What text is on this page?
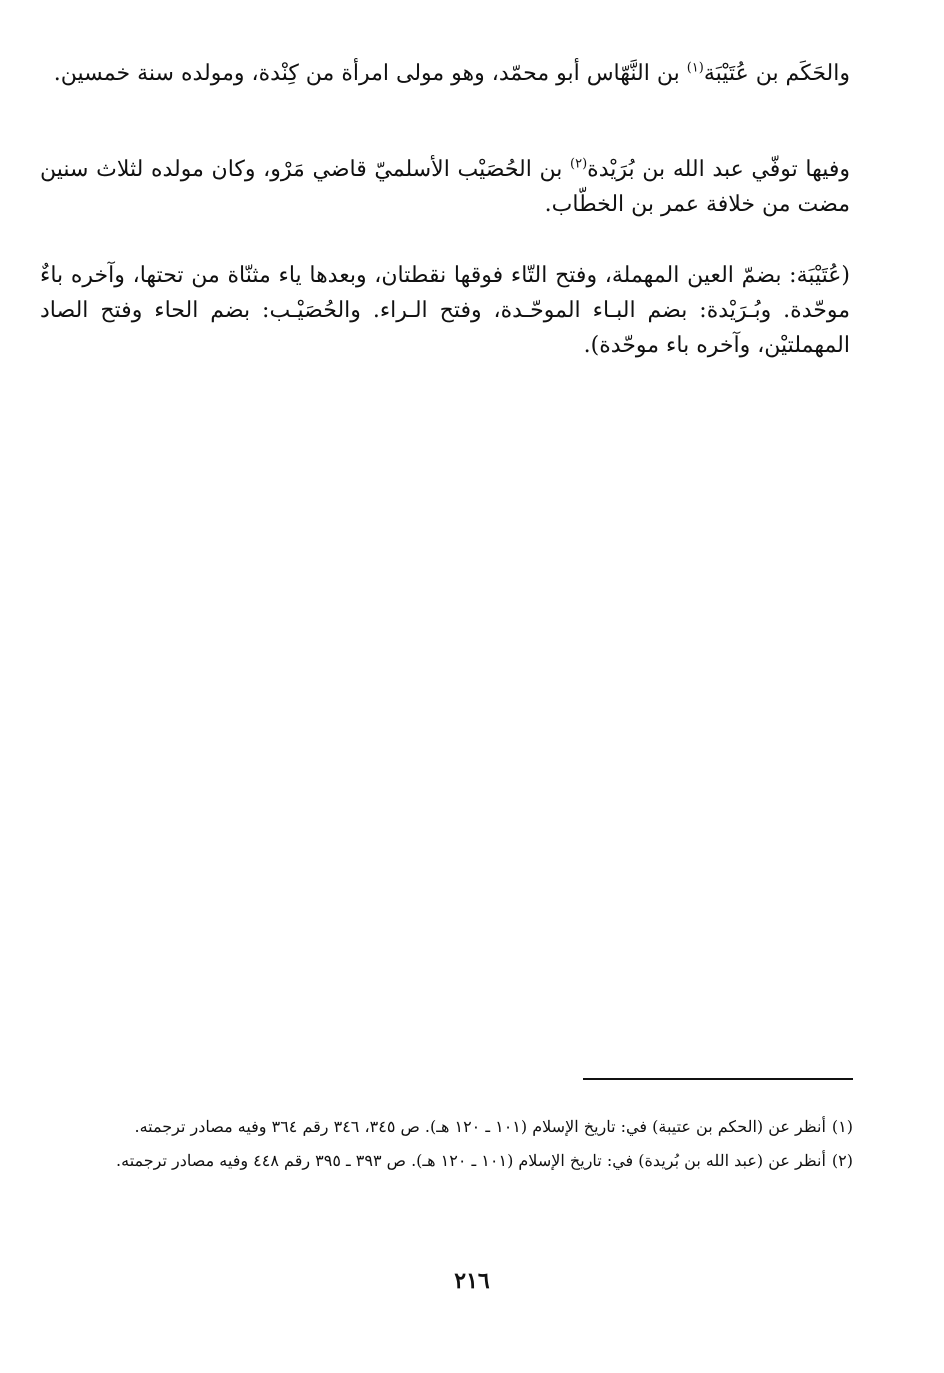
والحَكَم بن عُتَيْبَة$^{(١)}$ بن النَّهّاس أبو محمّد، وهو مولى امرأة من كِنْدة، ومولده سنة خمسين.

وفيها توفّي عبد الله بن بُرَيْدة$^{(٢)}$ بن الحُصَيْب الأسلميّ قاضي مَرْو، وكان مولده لثلاث سنين مضت من خلافة عمر بن الخطّاب.

(عُتَيْبَة: بضمّ العين المهملة، وفتح التّاء فوقها نقطتان، وبعدها ياء مثنّاة من تحتها، وآخره باءٌ موحّدة. وبُـرَيْدة: بضم البـاء الموحّـدة، وفتح الـراء. والحُصَيْـب: بضم الحاء وفتح الصاد المهملتيْن، وآخره باء موحّدة).

(١)أنظر عن (الحكم بن عتيبة) في: تاريخ الإسلام (١٠١ ـ ١٢٠ هـ). ص ٣٤٥، ٣٤٦ رقم ٣٦٤ وفيه مصادر ترجمته.

(٢)أنظر عن (عبد الله بن بُريدة) في: تاريخ الإسلام (١٠١ ـ ١٢٠ هـ). ص ٣٩٣ ـ ٣٩٥ رقم ٤٤٨ وفيه مصادر ترجمته.

٢١٦
